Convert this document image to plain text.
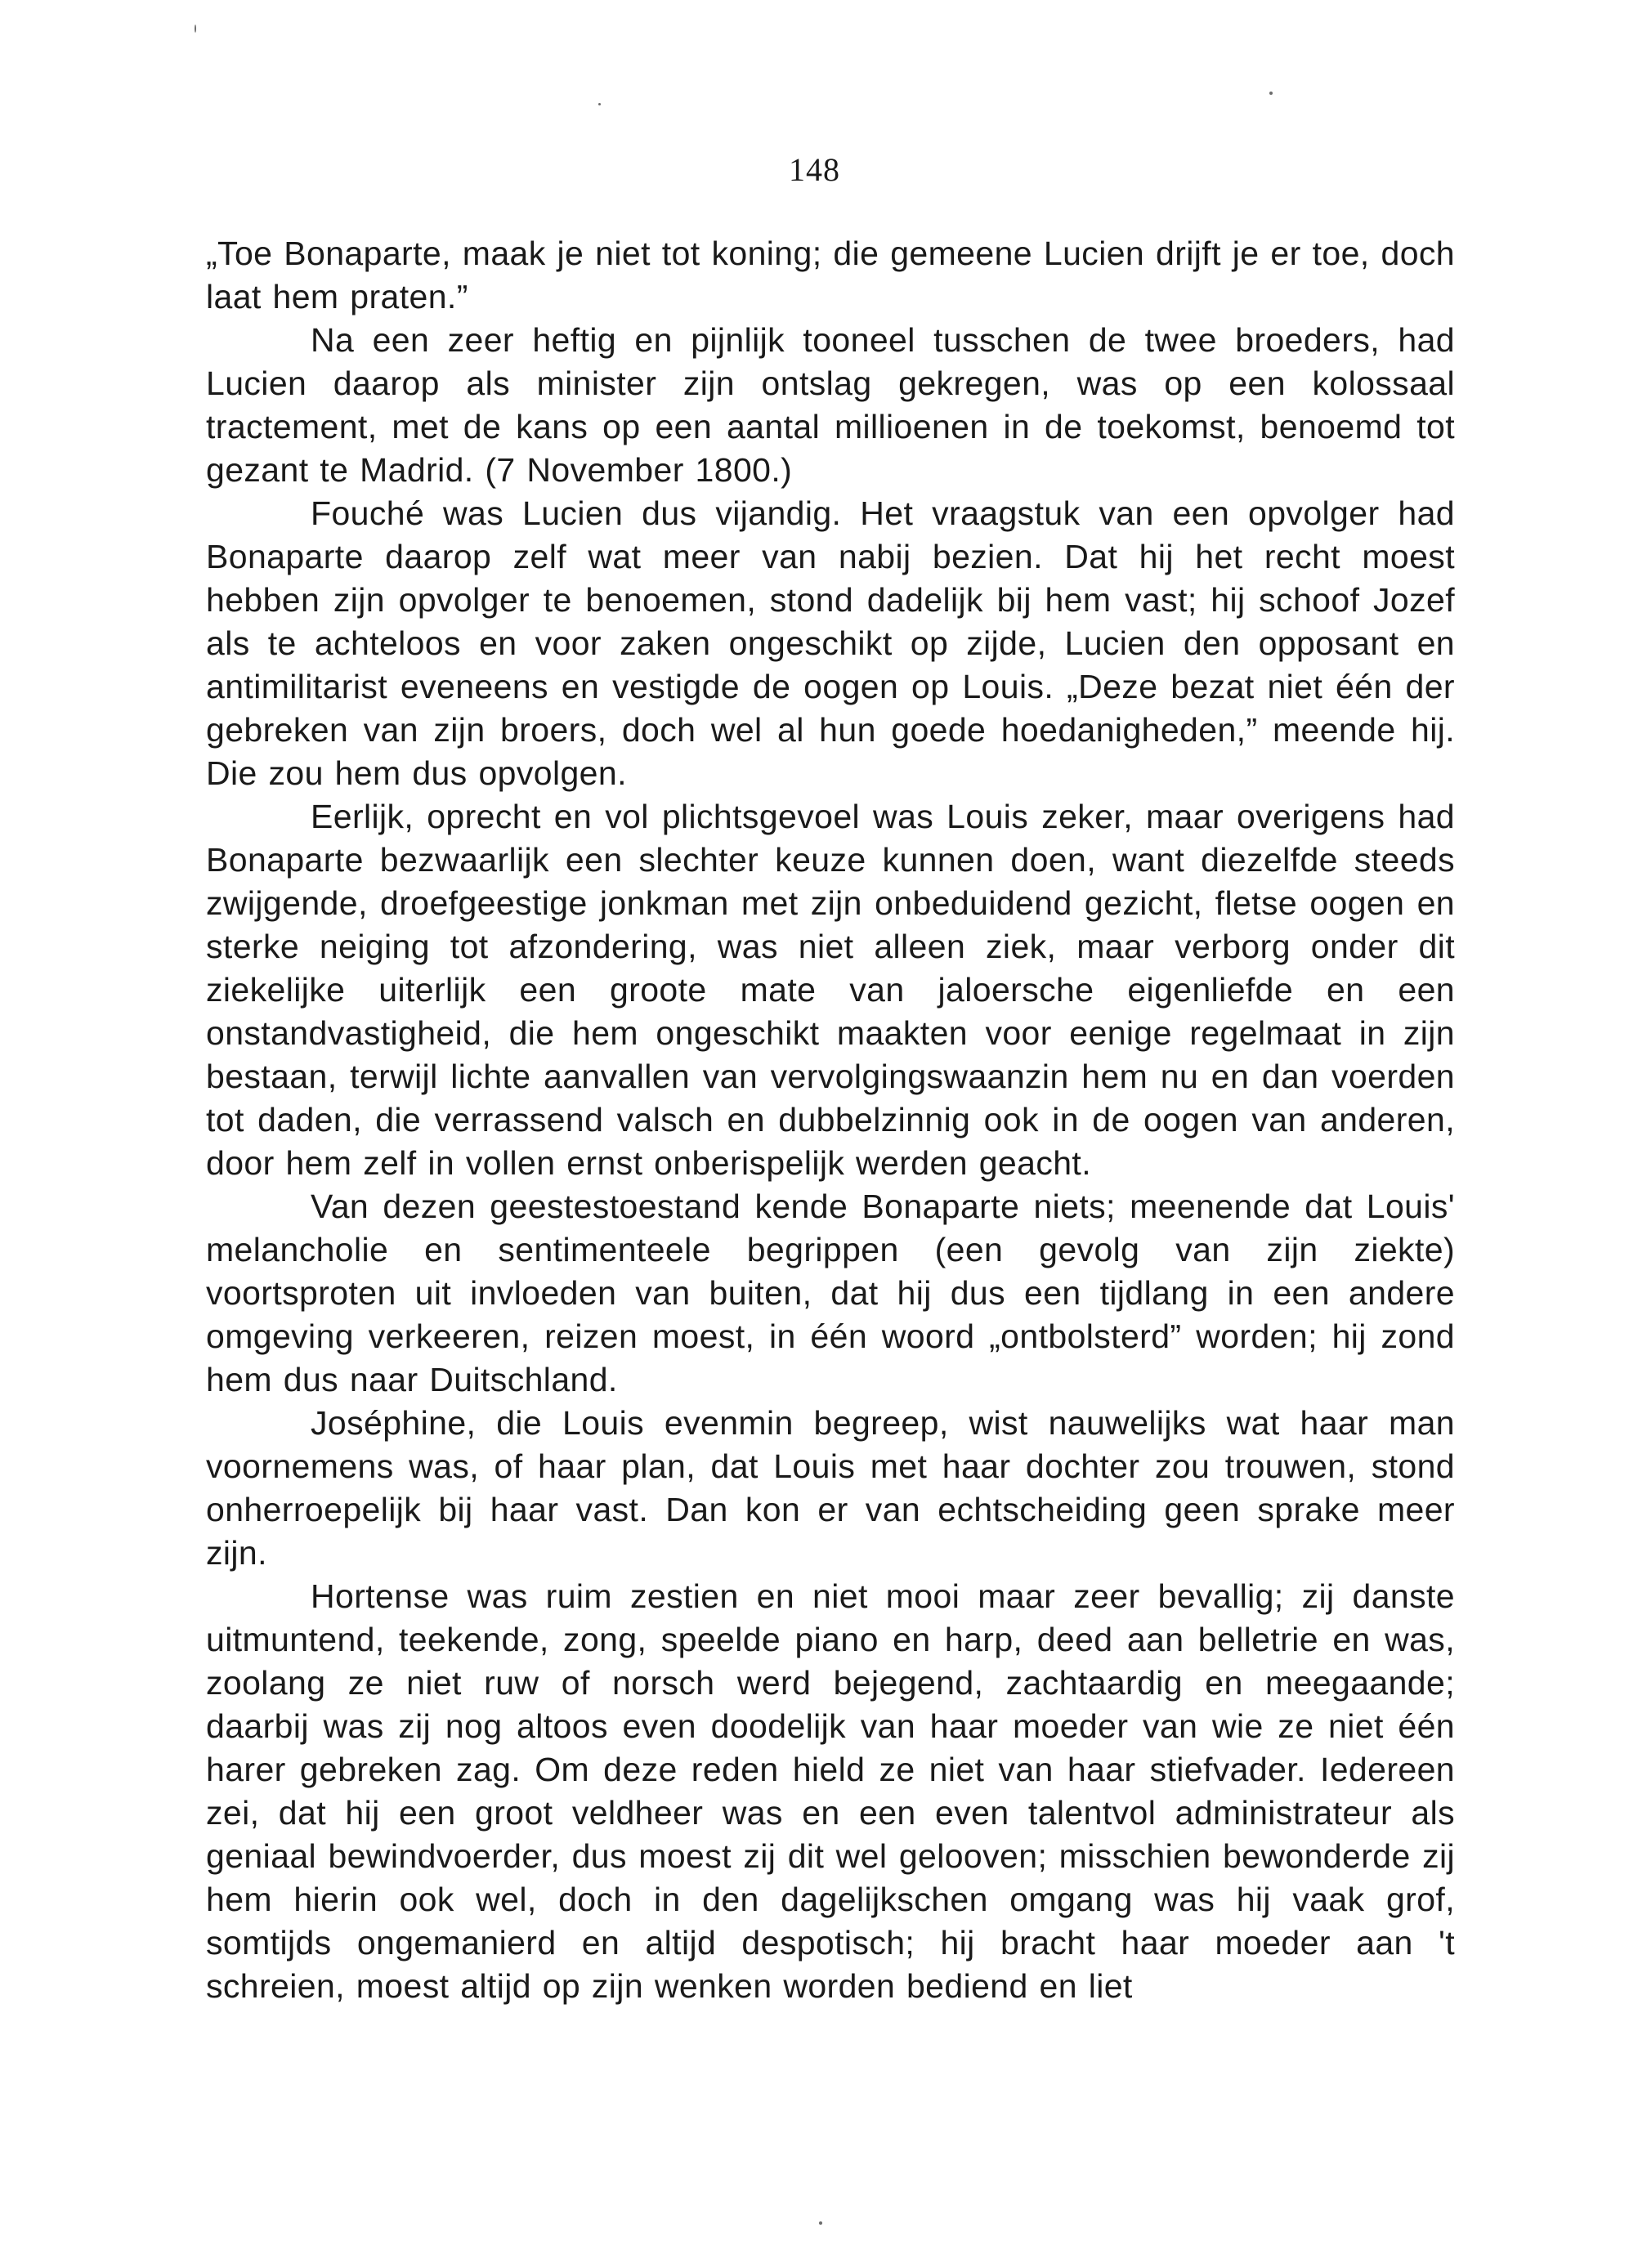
148

„Toe Bonaparte, maak je niet tot koning; die gemeene Lucien drijft je er toe, doch laat hem praten.”

Na een zeer heftig en pijnlijk tooneel tusschen de twee broeders, had Lucien daarop als minister zijn ontslag gekregen, was op een kolossaal tractement, met de kans op een aantal millioenen in de toekomst, benoemd tot gezant te Madrid. (7 November 1800.)

Fouché was Lucien dus vijandig. Het vraagstuk van een opvolger had Bonaparte daarop zelf wat meer van nabij bezien. Dat hij het recht moest hebben zijn opvolger te benoemen, stond dadelijk bij hem vast; hij schoof Jozef als te achteloos en voor zaken ongeschikt op zijde, Lucien den opposant en antimilitarist eveneens en vestigde de oogen op Louis. „Deze bezat niet één der gebreken van zijn broers, doch wel al hun goede hoedanigheden,” meende hij. Die zou hem dus opvolgen.

Eerlijk, oprecht en vol plichtsgevoel was Louis zeker, maar overigens had Bonaparte bezwaarlijk een slechter keuze kunnen doen, want diezelfde steeds zwijgende, droefgeestige jonkman met zijn onbeduidend gezicht, fletse oogen en sterke neiging tot afzondering, was niet alleen ziek, maar verborg onder dit ziekelijke uiterlijk een groote mate van jaloersche eigenliefde en een onstandvastigheid, die hem ongeschikt maakten voor eenige regelmaat in zijn bestaan, terwijl lichte aanvallen van vervolgingswaanzin hem nu en dan voerden tot daden, die verrassend valsch en dubbelzinnig ook in de oogen van anderen, door hem zelf in vollen ernst onberispelijk werden geacht.

Van dezen geestestoestand kende Bonaparte niets; meenende dat Louis' melancholie en sentimenteele begrippen (een gevolg van zijn ziekte) voortsproten uit invloeden van buiten, dat hij dus een tijdlang in een andere omgeving verkeeren, reizen moest, in één woord „ontbolsterd” worden; hij zond hem dus naar Duitschland.

Joséphine, die Louis evenmin begreep, wist nauwelijks wat haar man voornemens was, of haar plan, dat Louis met haar dochter zou trouwen, stond onherroepelijk bij haar vast. Dan kon er van echtscheiding geen sprake meer zijn.

Hortense was ruim zestien en niet mooi maar zeer bevallig; zij danste uitmuntend, teekende, zong, speelde piano en harp, deed aan belletrie en was, zoolang ze niet ruw of norsch werd bejegend, zachtaardig en meegaande; daarbij was zij nog altoos even doodelijk van haar moeder van wie ze niet één harer gebreken zag. Om deze reden hield ze niet van haar stiefvader. Iedereen zei, dat hij een groot veldheer was en een even talentvol administrateur als geniaal bewindvoerder, dus moest zij dit wel gelooven; misschien bewonderde zij hem hierin ook wel, doch in den dagelijkschen omgang was hij vaak grof, somtijds ongemanierd en altijd despotisch; hij bracht haar moeder aan 't schreien, moest altijd op zijn wenken worden bediend en liet
